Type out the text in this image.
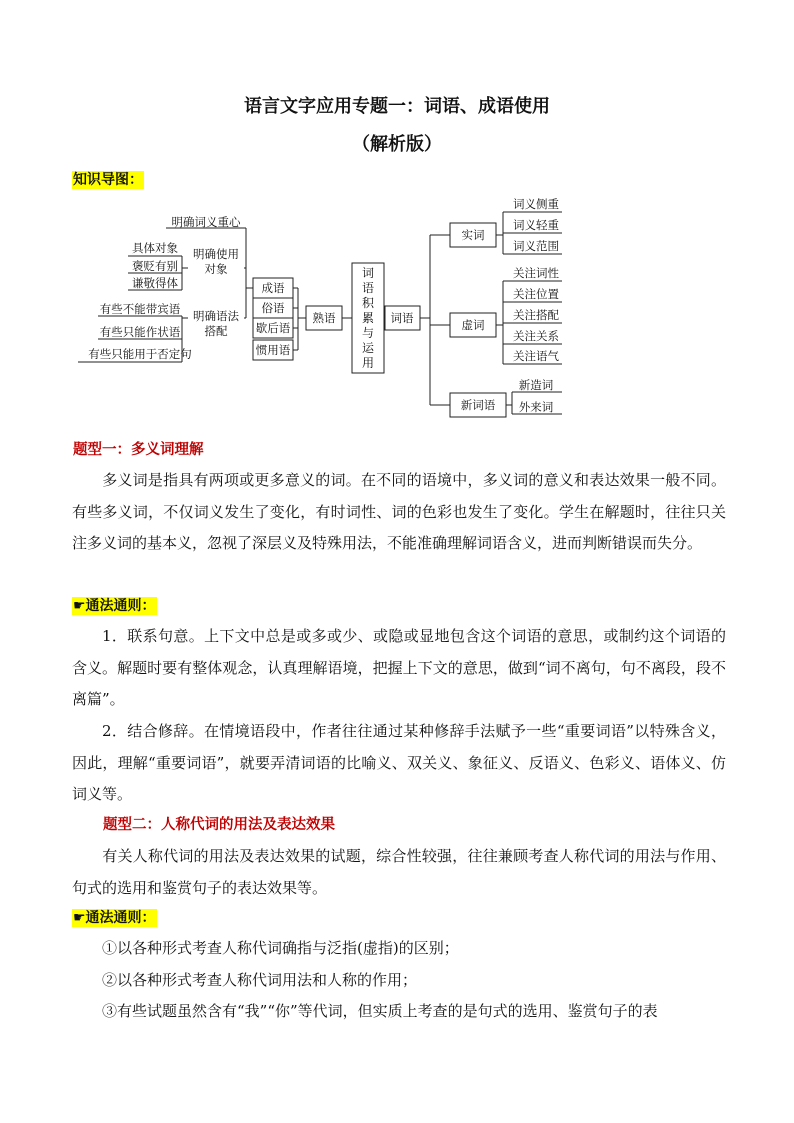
语言文字应用专题一：词语、成语使用
（解析版）
知识导图：
词语积累与运用
熟语	词语
成语
俗语
歇后语
惯用语
明确词义重心
明确使用
对象
明确语法
搭配
具体对象
褒贬有别
谦敬得体
有些不能带宾语
有些只能作状语
有些只能用于否定句
实词
词义侧重
词义轻重
词义范围
虚词
关注词性
关注位置
关注搭配
关注关系
关注语气
新词语
新造词
外来词
题型一：多义词理解
多义词是指具有两项或更多意义的词。在不同的语境中，多义词的意义和表达效果一般不同。有些多义词，不仅词义发生了变化，有时词性、词的色彩也发生了变化。学生在解题时，往往只关注多义词的基本义，忽视了深层义及特殊用法，不能准确理解词语含义，进而判断错误而失分。
☛通法通则：
1．联系句意。上下文中总是或多或少、或隐或显地包含这个词语的意思，或制约这个词语的含义。解题时要有整体观念，认真理解语境，把握上下文的意思，做到“词不离句，句不离段，段不离篇”。
2．结合修辞。在情境语段中，作者往往通过某种修辞手法赋予一些“重要词语”以特殊含义，因此，理解“重要词语”，就要弄清词语的比喻义、双关义、象征义、反语义、色彩义、语体义、仿词义等。
题型二：人称代词的用法及表达效果
有关人称代词的用法及表达效果的试题，综合性较强，往往兼顾考查人称代词的用法与作用、句式的选用和鉴赏句子的表达效果等。
☛通法通则：
①以各种形式考查人称代词确指与泛指(虚指)的区别；
②以各种形式考查人称代词用法和人称的作用；
③有些试题虽然含有“我”“你”等代词，但实质上考查的是句式的选用、鉴赏句子的表
